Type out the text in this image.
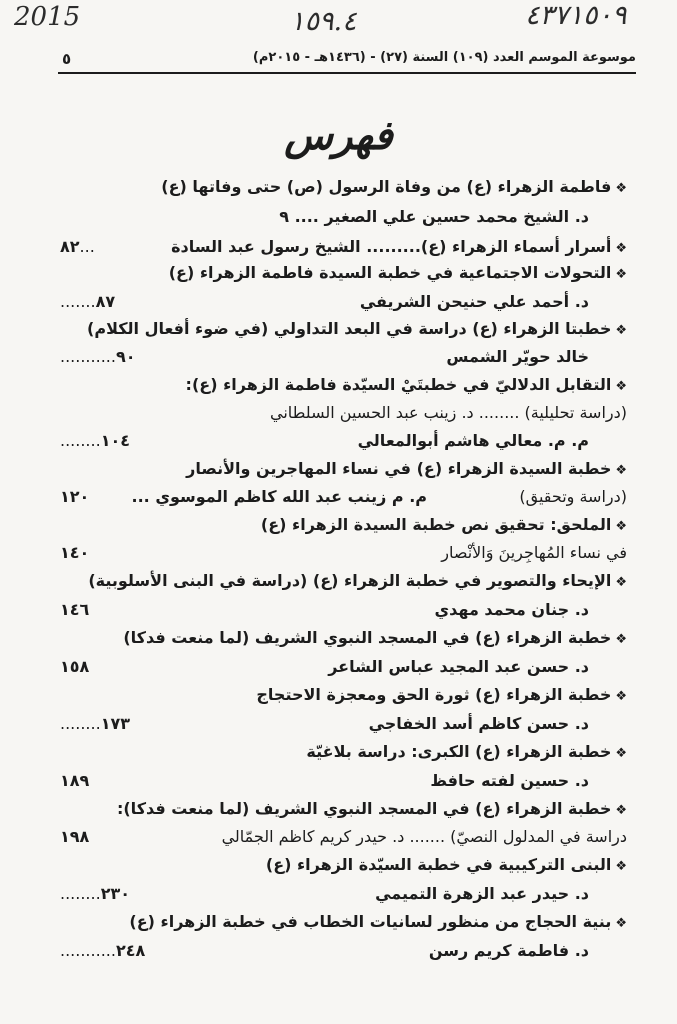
2015	١٥٩.٤	٤٣٧١٥٠٩
٥	موسوعة الموسم العدد (١٠٩) السنة (٢٧) - (١٤٣٦هـ - ٢٠١٥م)
فهرس
❖فاطمة الزهراء (ع) من وفاة الرسول (ص) حتى وفاتها (ع)
د. الشيخ محمد حسين علي الصغير .... ٩
❖أسرار أسماء الزهراء (ع)......... الشيخ رسول عبد السادة
...٨٢
❖التحولات الاجتماعية في خطبة السيدة فاطمة الزهراء (ع)
د. أحمد علي حنيحن الشريفي
٨٧.......
❖خطبتا الزهراء (ع) دراسة في البعد التداولي (في ضوء أفعال الكلام)
خالد حويّر الشمس
٩٠...........
❖التقابل الدلاليّ في خطبتَيْ السيّدة فاطمة الزهراء (ع):
(دراسة تحليلية) ........ د. زينب عبد الحسين السلطاني
م. م. معالي هاشم أبوالمعالي
١٠٤........
❖خطبة السيدة الزهراء (ع) في نساء المهاجرين والأنصار
(دراسة وتحقيق)
م. م زينب عبد الله كاظم الموسوي ...
١٢٠
❖الملحق: تحقيق نص خطبة السيدة الزهراء (ع)
في نساء المُهاجِرينَ وَالأنْصار
١٤٠
❖الإيحاء والتصوير في خطبة الزهراء (ع) (دراسة في البنى الأسلوبية)
د. جنان محمد مهدي
١٤٦
❖خطبة الزهراء (ع) في المسجد النبوي الشريف (لما منعت فدكا)
د. حسن عبد المجيد عباس الشاعر
١٥٨
❖خطبة الزهراء (ع) ثورة الحق ومعجزة الاحتجاج
د. حسن كاظم أسد الخفاجي
١٧٣........
❖خطبة الزهراء (ع) الكبرى: دراسة بلاغيّة
د. حسين لفته حافظ
١٨٩
❖خطبة الزهراء (ع) في المسجد النبوي الشريف (لما منعت فدكا):
دراسة في المدلول النصيّ) ....... د. حيدر كريم كاظم الجمّالي
١٩٨
❖البنى التركيبية في خطبة السيّدة الزهراء (ع)
د. حيدر عبد الزهرة التميمي
٢٣٠........
❖بنية الحجاج من منظور لسانيات الخطاب في خطبة الزهراء (ع)
د. فاطمة كريم رسن
٢٤٨...........
